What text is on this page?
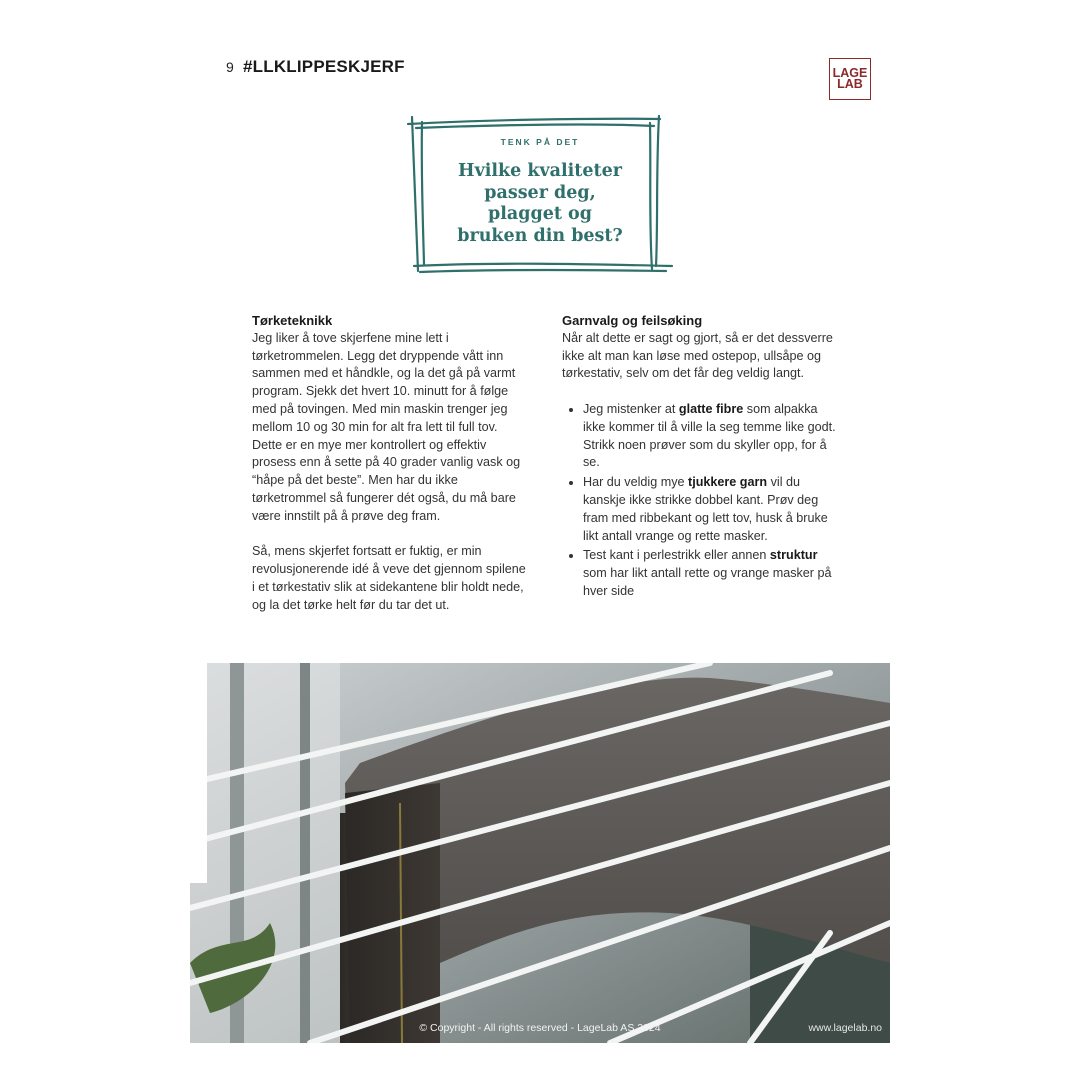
9 #LLKLIPPESKJERF	LAGE
LAB
TENK PÅ DET
Hvilke kvaliteter
passer deg,
plagget og
bruken din best?
Tørketeknikk

Jeg liker å tove skjerfene mine lett i tørketrommelen. Legg det dryppende vått inn sammen med et håndkle, og la det gå på varmt program. Sjekk det hvert 10. minutt for å følge med på tovingen. Med min maskin trenger jeg mellom 10 og 30 min for alt fra lett til full tov. Dette er en mye mer kontrollert og effektiv prosess enn å sette på 40 grader vanlig vask og “håpe på det beste”. Men har du ikke tørketrommel så fungerer dét også, du må bare være innstilt på å prøve deg fram.

Så, mens skjerfet fortsatt er fuktig, er min revolusjonerende idé å veve det gjennom spilene i et tørkestativ slik at sidekantene blir holdt nede, og la det tørke helt før du tar det ut.

Garnvalg og feilsøking

Når alt dette er sagt og gjort, så er det dessverre ikke alt man kan løse med ostepop, ullsåpe og tørkestativ, selv om det får deg veldig langt.

• Jeg mistenker at glatte fibre som alpakka ikke kommer til å ville la seg temme like godt. Strikk noen prøver som du skyller opp, for å se.
• Har du veldig mye tjukkere garn vil du kanskje ikke strikke dobbel kant. Prøv deg fram med ribbekant og lett tov, husk å bruke likt antall vrange og rette masker.
• Test kant i perlestrikk eller annen struktur som har likt antall rette og vrange masker på hver side
© Copyright - All rights reserved - LageLab AS 2024	www.lagelab.no
